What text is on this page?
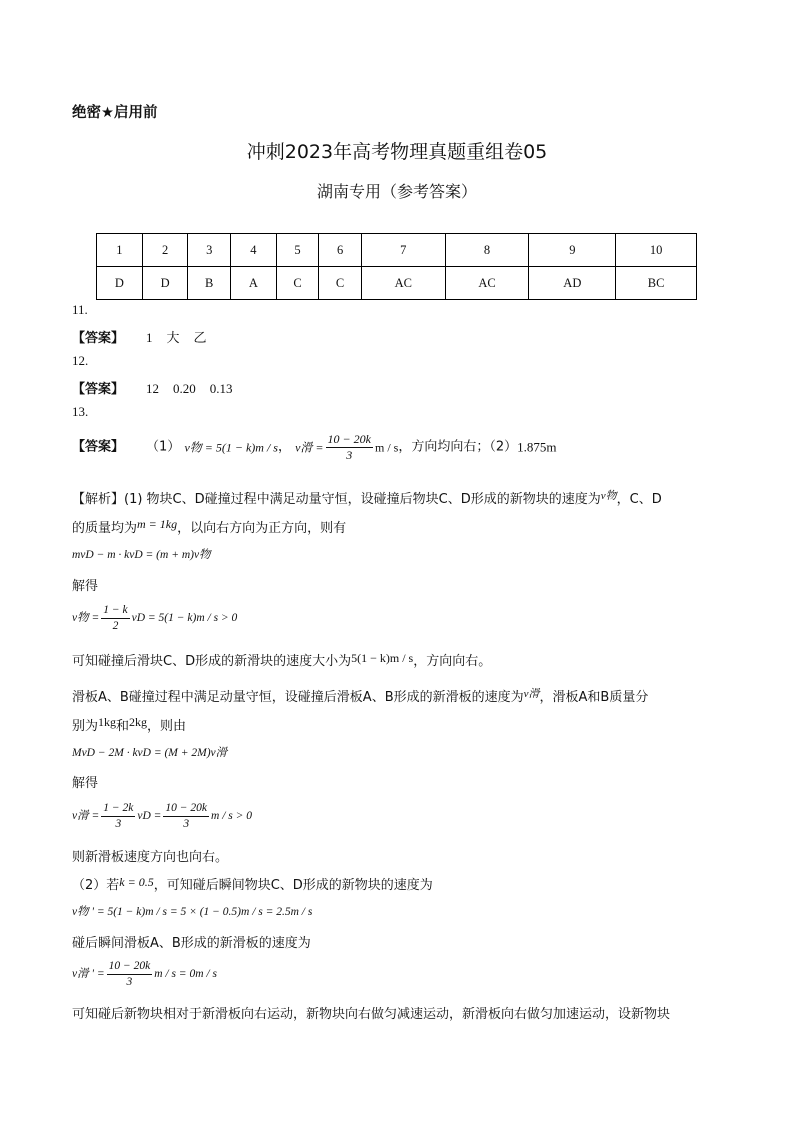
绝密★启用前
冲刺2023年高考物理真题重组卷05
湖南专用（参考答案）
1	2	3	4	5	6	7	8	9	10
D	D	B	A	C	C	AC	AC	AD	BC
11.
【答案】 1 大 乙
12.
【答案】 12 0.20 0.13
13.
【答案】 （1） v物 = 5(1 − k)m / s， v滑 = $\frac{10 - 20k}{3}$ m / s，方向均向右；（2）1.875m
【解析】(1) 物块C、D碰撞过程中满足动量守恒，设碰撞后物块C、D形成的新物块的速度为$^{v物}$，C、D
的质量均为m = 1kg，以向右方向为正方向，则有
mvD − m · kvD = (m + m)v物
解得
v物 = $\frac{1 - k}{2}$ vD = 5(1 − k)m / s > 0
可知碰撞后滑块C、D形成的新滑块的速度大小为5(1 − k)m / s，方向向右。
滑板A、B碰撞过程中满足动量守恒，设碰撞后滑板A、B形成的新滑板的速度为$^{v滑}$，滑板A和B质量分
别为1kg和2kg，则由
MvD − 2M · kvD = (M + 2M)v滑
解得
v滑 = $\frac{1 - 2k}{3}$ vD = $\frac{10 - 20k}{3}$ m / s > 0
则新滑板速度方向也向右。
（2）若k = 0.5，可知碰后瞬间物块C、D形成的新物块的速度为
v物 ' = 5(1 − k)m / s = 5 × (1 − 0.5)m / s = 2.5m / s
碰后瞬间滑板A、B形成的新滑板的速度为
v滑 ' = $\frac{10 - 20k}{3}$ m / s = 0m / s
可知碰后新物块相对于新滑板向右运动，新物块向右做匀减速运动，新滑板向右做匀加速运动，设新物块
